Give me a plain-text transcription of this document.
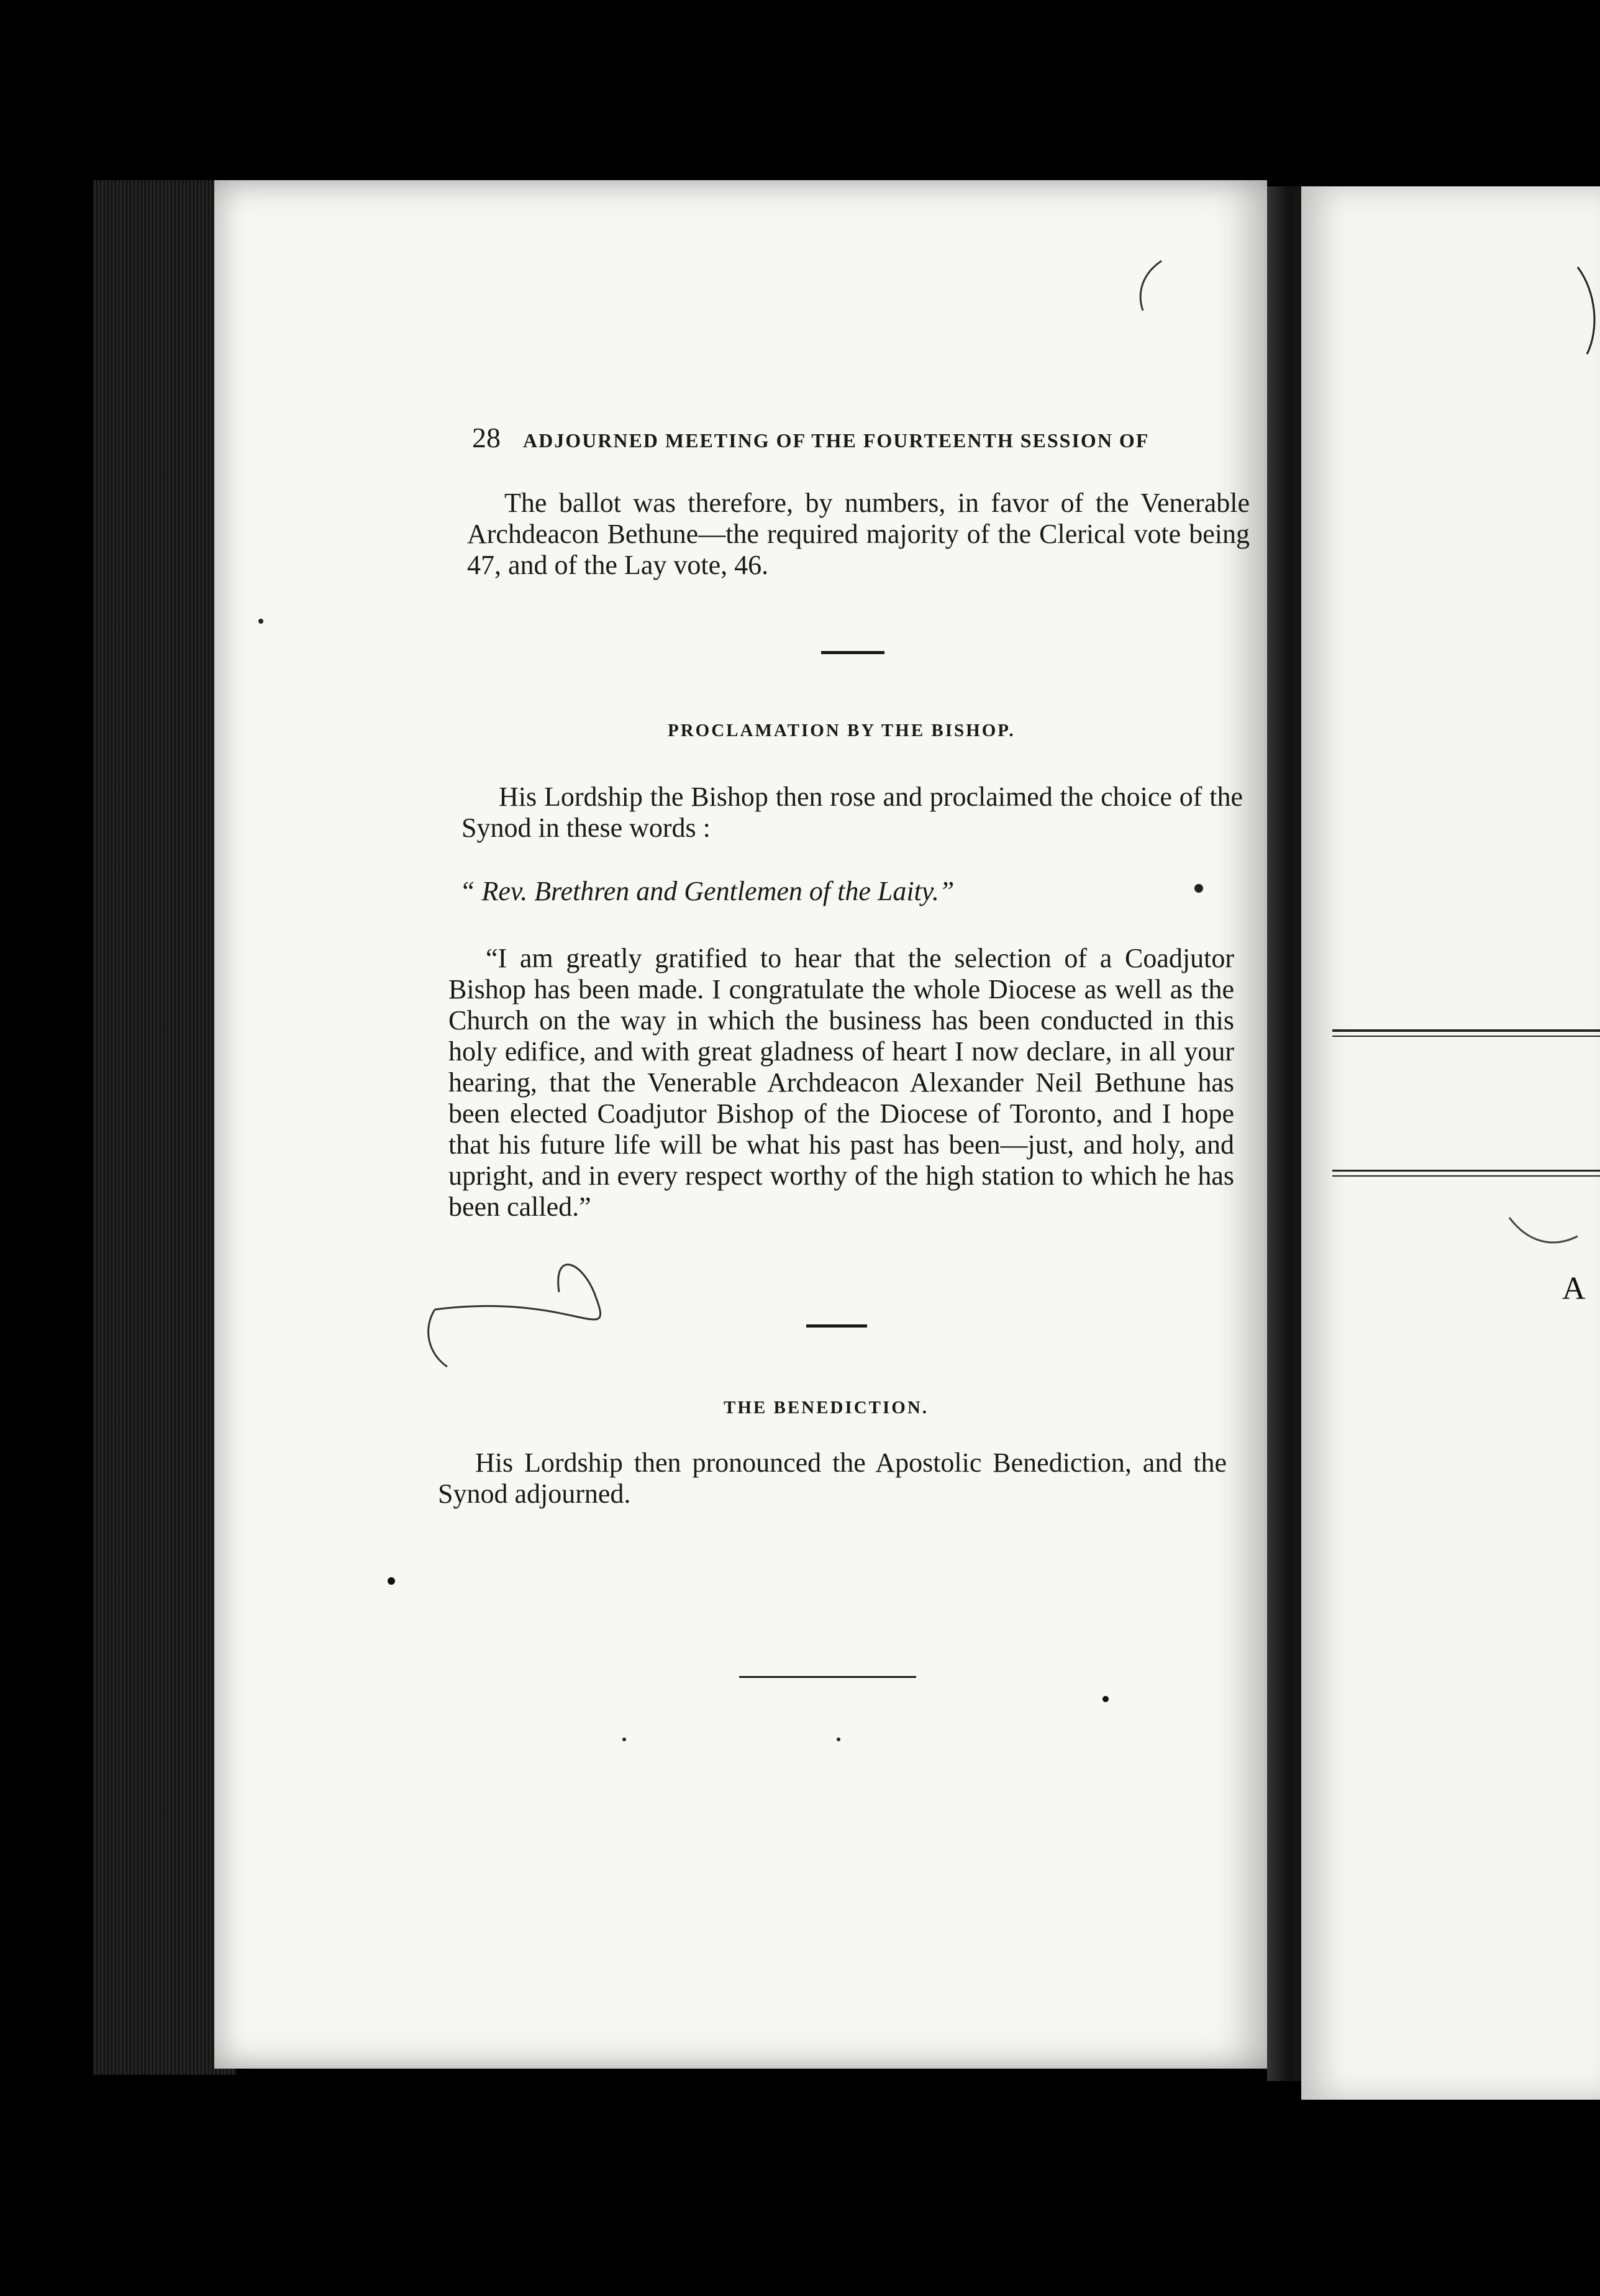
A
28 ADJOURNED MEETING OF THE FOURTEENTH SESSION OF

The ballot was therefore, by numbers, in favor of the Venerable Archdeacon Bethune—the required majority of the Clerical vote being 47, and of the Lay vote, 46.

PROCLAMATION BY THE BISHOP.

His Lordship the Bishop then rose and proclaimed the choice of the Synod in these words :

“ Rev. Brethren and Gentlemen of the Laity.”

“I am greatly gratified to hear that the selection of a Coadjutor Bishop has been made. I congratulate the whole Diocese as well as the Church on the way in which the business has been conducted in this holy edifice, and with great gladness of heart I now declare, in all your hearing, that the Venerable Archdeacon Alexander Neil Bethune has been elected Coadjutor Bishop of the Diocese of Toronto, and I hope that his future life will be what his past has been—just, and holy, and upright, and in every respect worthy of the high station to which he has been called.”

THE BENEDICTION.

His Lordship then pronounced the Apostolic Benediction, and the Synod adjourned.
